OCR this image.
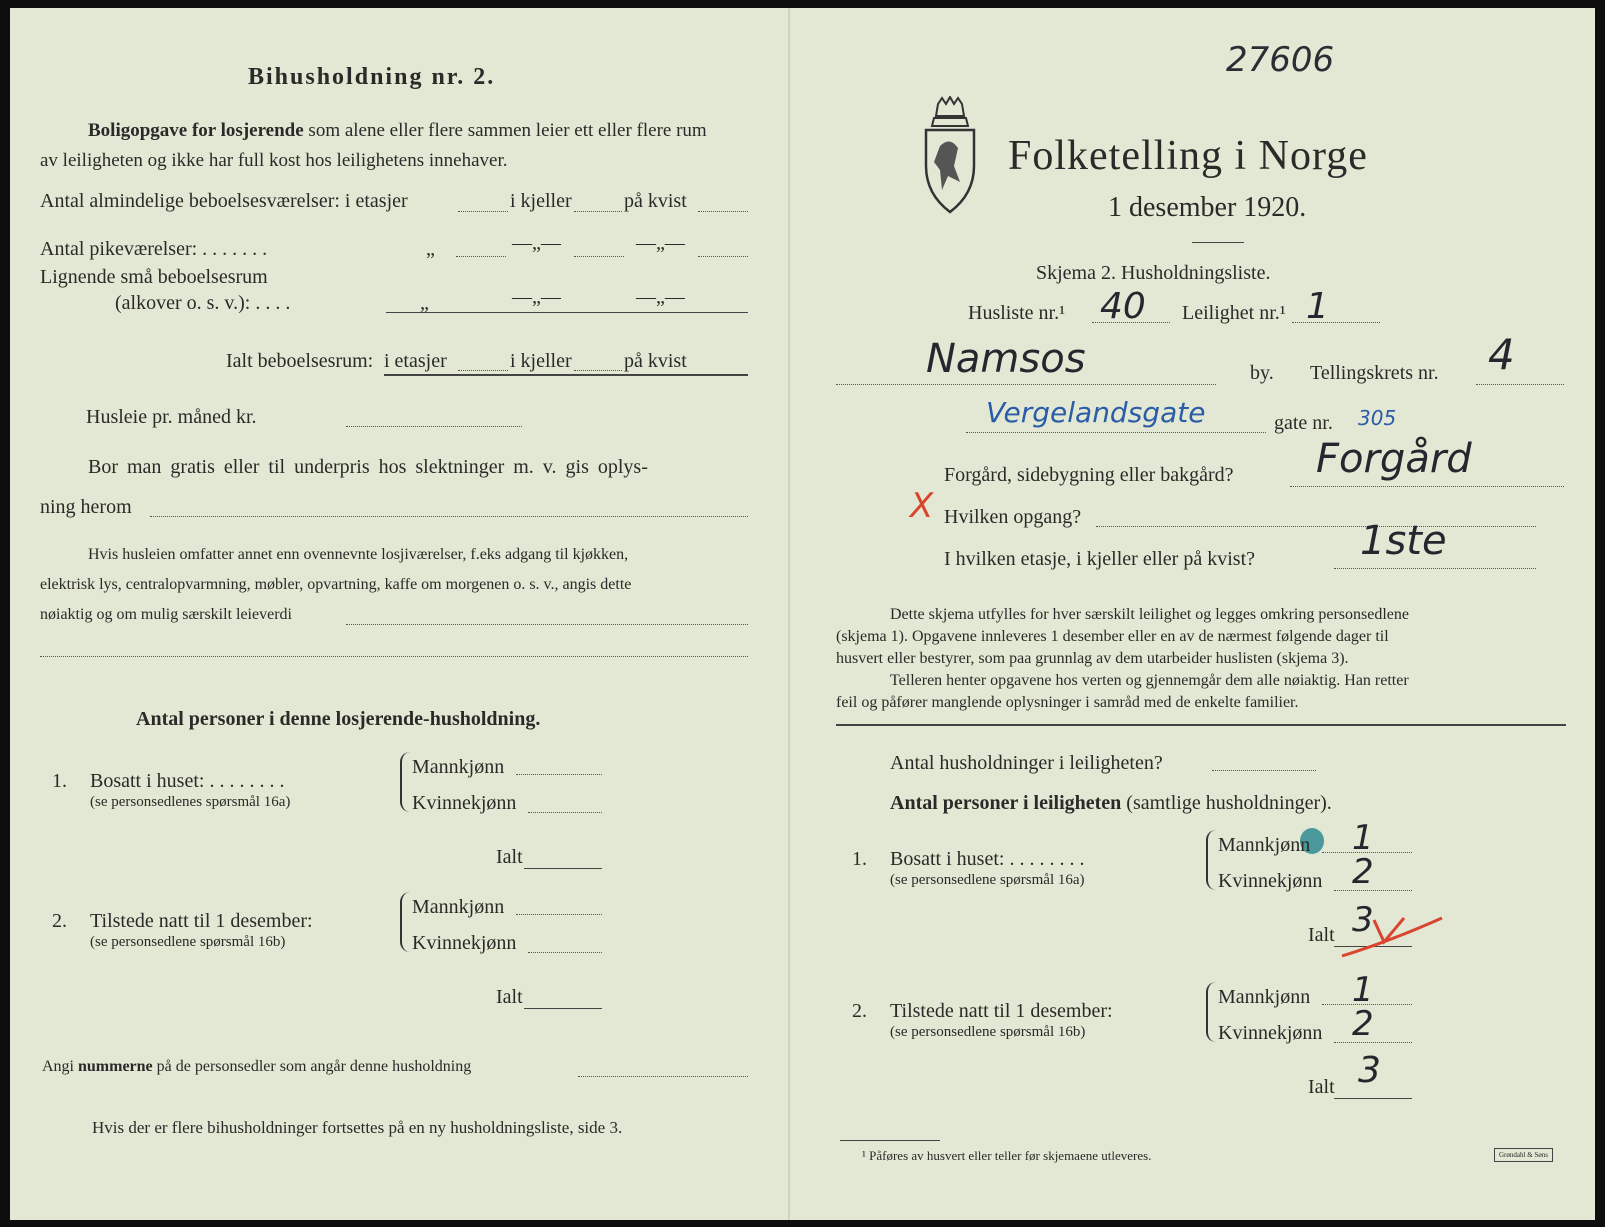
Bihusholdning nr. 2.
Boligopgave for losjerende som alene eller flere sammen leier ett eller flere rum
av leiligheten og ikke har full kost hos leilighetens innehaver.
Antal almindelige beboelsesværelser: i etasjer	i kjeller	på kvist
Antal pikeværelser: . . . . . . .	„	—„—	—„—
Lignende små beboelsesrum
(alkover o. s. v.): . . . .	„	—„—	—„—
Ialt beboelsesrum: i etasjer	i kjeller	på kvist
Husleie pr. måned kr.
Bor man gratis eller til underpris hos slektninger m. v. gis oplys-
ning herom
Hvis husleien omfatter annet enn ovennevnte losjiværelser, f.eks adgang til kjøkken,
elektrisk lys, centralopvarmning, møbler, opvartning, kaffe om morgenen o. s. v., angis dette
nøiaktig og om mulig særskilt leieverdi
Antal personer i denne losjerende-husholdning.
1. Bosatt i huset: . . . . . . . .
(se personsedlenes spørsmål 16a)
Mannkjønn
Kvinnekjønn
Ialt
2. Tilstede natt til 1 desember:
(se personsedlene spørsmål 16b)
Mannkjønn
Kvinnekjønn
Ialt
Angi nummerne på de personsedler som angår denne husholdning
Hvis der er flere bihusholdninger fortsettes på en ny husholdningsliste, side 3.
27606
Folketelling i Norge
1 desember 1920.
Skjema 2. Husholdningsliste.
Husliste nr.¹ 40 Leilighet nr.¹ 1
Namsos	by. Tellingskrets nr. 4
Vergelandsgate	gate nr. 305
Forgård, sidebygning eller bakgård? Forgård
X Hvilken opgang?
I hvilken etasje, i kjeller eller på kvist?	1ste
Dette skjema utfylles for hver særskilt leilighet og legges omkring personsedlene
(skjema 1). Opgavene innleveres 1 desember eller en av de nærmest følgende dager til
husvert eller bestyrer, som paa grunnlag av dem utarbeider huslisten (skjema 3).
Telleren henter opgavene hos verten og gjennemgår dem alle nøiaktig. Han retter
feil og påfører manglende oplysninger i samråd med de enkelte familier.
Antal husholdninger i leiligheten?
Antal personer i leiligheten (samtlige husholdninger).
1. Bosatt i huset: . . . . . . . .
(se personsedlene spørsmål 16a)
Mannkjønn 1
Kvinnekjønn 2
Ialt 3
2. Tilstede natt til 1 desember:
(se personsedlene spørsmål 16b)
Mannkjønn 1
Kvinnekjønn 2
Ialt 3
¹ Påføres av husvert eller teller før skjemaene utleveres.	Grøndahl & Søns
